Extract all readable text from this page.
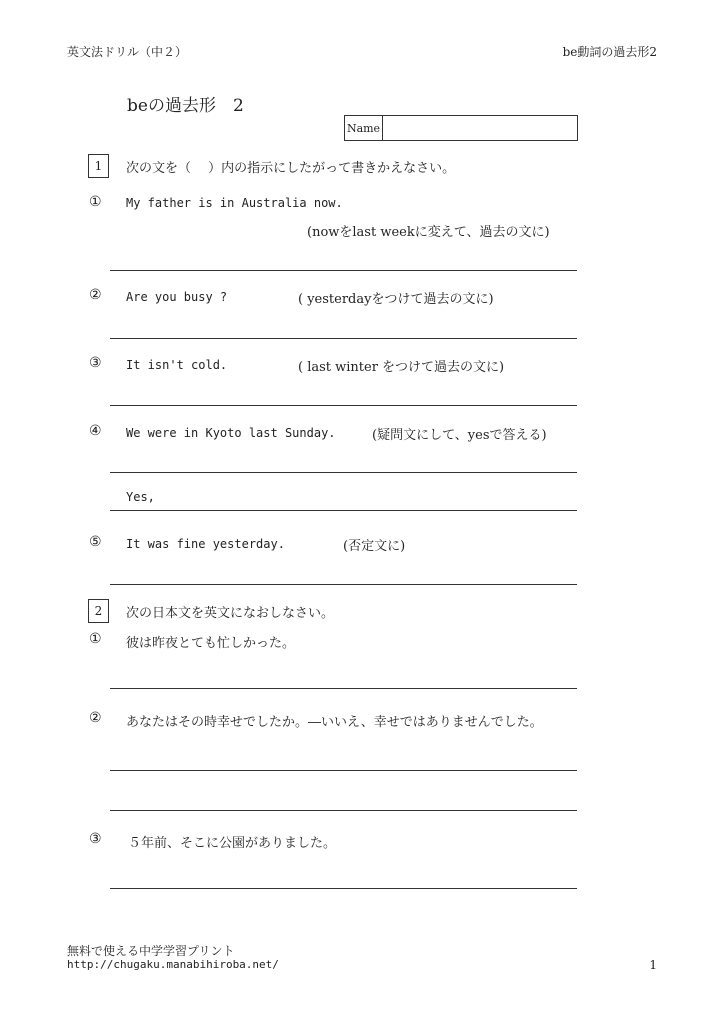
英文法ドリル（中２）	be動詞の過去形2
beの過去形　2
Name
1	次の文を（　 ）内の指示にしたがって書きかえなさい。
① My father is in Australia now.
(nowをlast weekに変えて、過去の文に)
② Are you busy ?	( yesterdayをつけて過去の文に)
③ It isn't cold.	( last winter をつけて過去の文に)
④ We were in Kyoto last Sunday.	(疑問文にして、yesで答える)
Yes,
⑤ It was fine yesterday.	(否定文に)
2	次の日本文を英文になおしなさい。
① 彼は昨夜とても忙しかった。
② あなたはその時幸せでしたか。―いいえ、幸せではありませんでした。
③ ５年前、そこに公園がありました。
無料で使える中学学習プリント
http://chugaku.manabihiroba.net/	1
